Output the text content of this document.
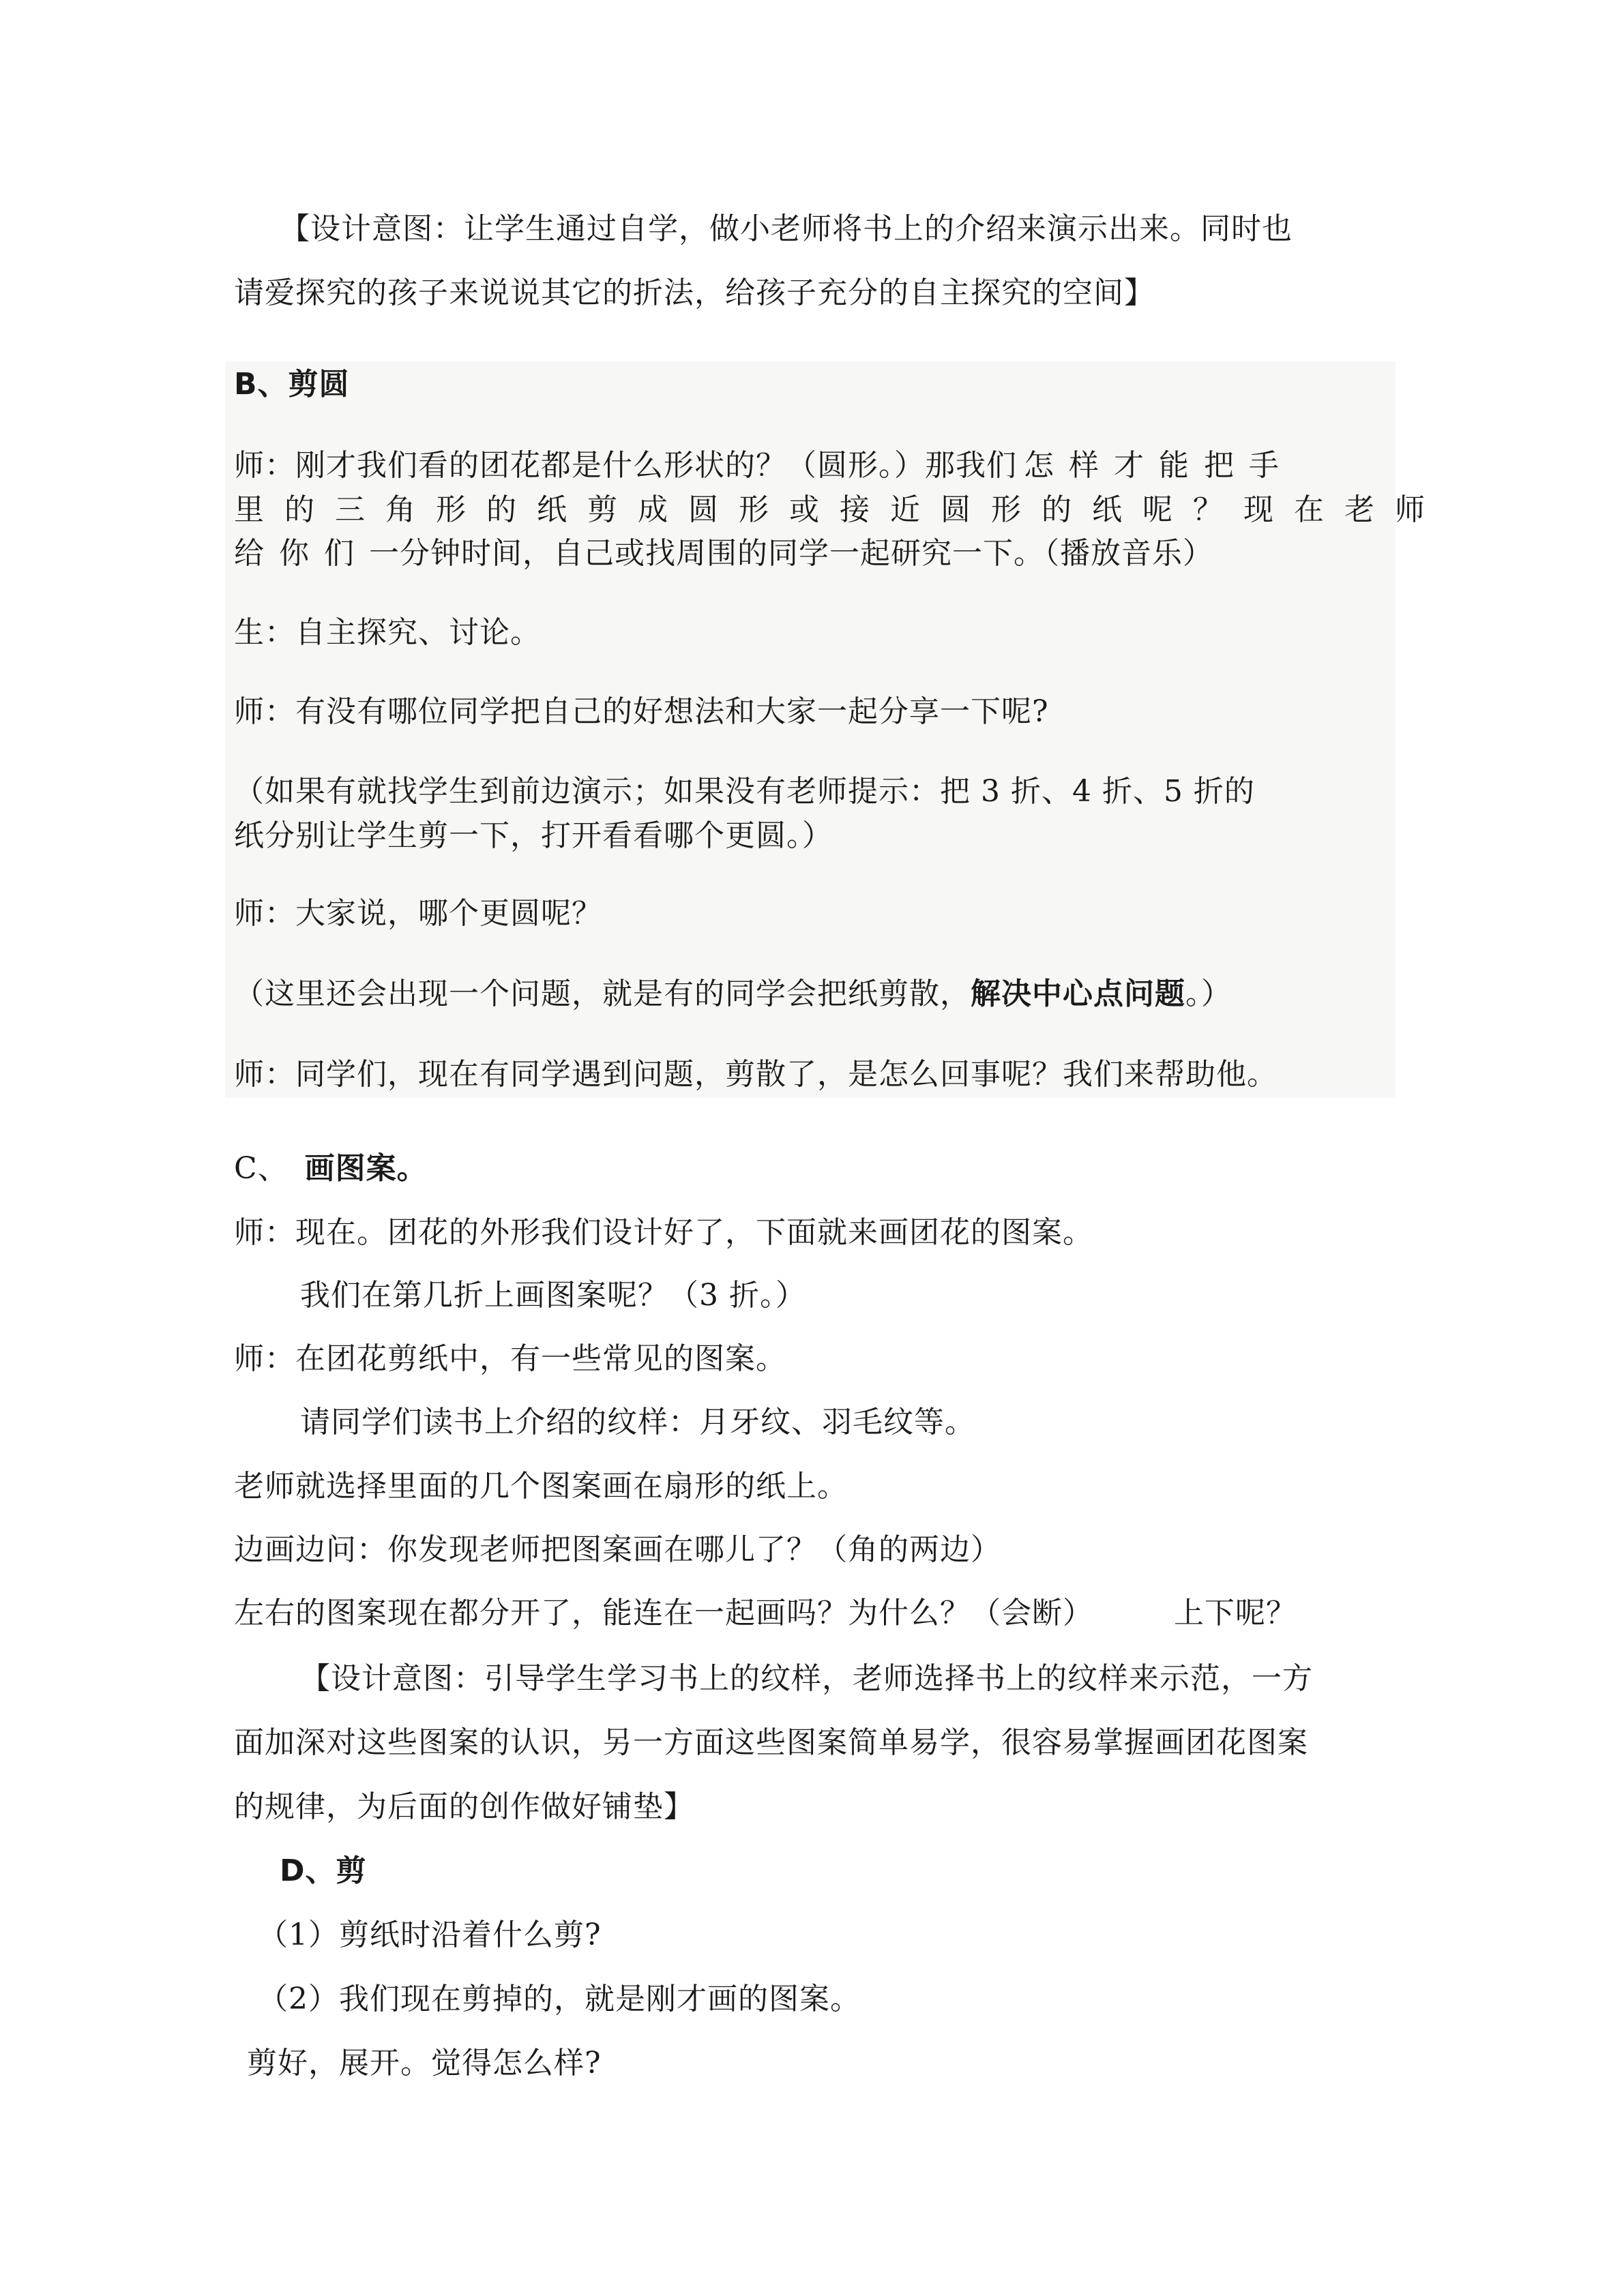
【设计意图：让学生通过自学，做小老师将书上的介绍来演示出来。同时也
请爱探究的孩子来说说其它的折法，给孩子充分的自主探究的空间】
B、剪圆
师：刚才我们看的团花都是什么形状的？（圆形。）那我们 怎样才能把手
里的三角形的纸剪成圆形或接近圆形的纸呢？现在老师
给你们一分钟时间，自己或找周围的同学一起研究一下。（播放音乐）
生：自主探究、讨论。
师：有没有哪位同学把自己的好想法和大家一起分享一下呢?
（如果有就找学生到前边演示；如果没有老师提示：把 3 折、4 折、5 折的
纸分别让学生剪一下，打开看看哪个更圆。）
师：大家说，哪个更圆呢？
（这里还会出现一个问题，就是有的同学会把纸剪散，解决中心点问题。）
师：同学们，现在有同学遇到问题，剪散了，是怎么回事呢？我们来帮助他。
C、 画图案。
师：现在。团花的外形我们设计好了，下面就来画团花的图案。
我们在第几折上画图案呢？（3 折。）
师：在团花剪纸中，有一些常见的图案。
请同学们读书上介绍的纹样：月牙纹、羽毛纹等。
老师就选择里面的几个图案画在扇形的纸上。
边画边问：你发现老师把图案画在哪儿了？（角的两边）
左右的图案现在都分开了，能连在一起画吗？为什么？（会断）	上下呢？
【设计意图：引导学生学习书上的纹样，老师选择书上的纹样来示范，一方
面加深对这些图案的认识，另一方面这些图案简单易学，很容易掌握画团花图案
的规律，为后面的创作做好铺垫】
D、剪
（1）剪纸时沿着什么剪?
（2）我们现在剪掉的，就是刚才画的图案。
剪好，展开。觉得怎么样?
